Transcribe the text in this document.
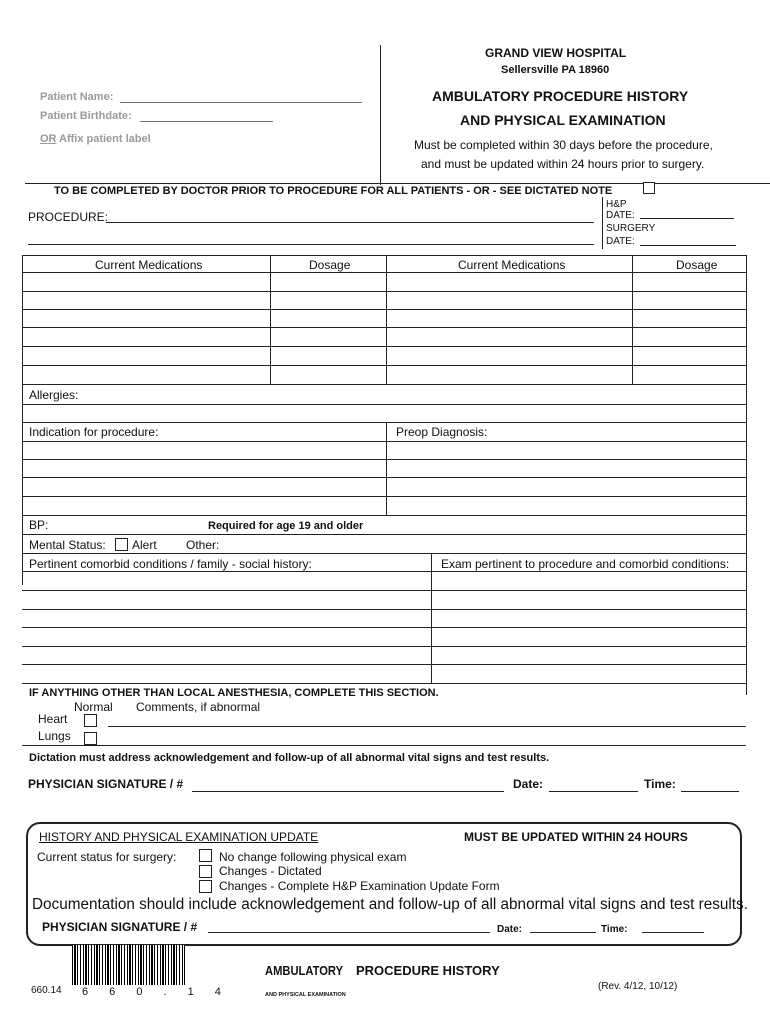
GRAND VIEW HOSPITAL
Sellersville PA 18960
AMBULATORY PROCEDURE HISTORY
AND PHYSICAL EXAMINATION
Must be completed within 30 days before the procedure,
and must be updated within 24 hours prior to surgery.
Patient Name:
Patient Birthdate:
OR Affix patient label
TO BE COMPLETED BY DOCTOR PRIOR TO PROCEDURE FOR ALL PATIENTS - OR - SEE DICTATED NOTE
PROCEDURE:
H&P
DATE:
SURGERY
DATE:
Current Medications	Dosage	Current Medications	Dosage
Allergies:
Indication for procedure:	Preop Diagnosis:
BP:	Required for age 19 and older
Mental Status: Alert Other:
Pertinent comorbid conditions / family - social history:	Exam pertinent to procedure and comorbid conditions:
IF ANYTHING OTHER THAN LOCAL ANESTHESIA, COMPLETE THIS SECTION.
Normal Comments, if abnormal
Heart
Lungs
Dictation must address acknowledgement and follow-up of all abnormal vital signs and test results.
PHYSICIAN SIGNATURE / #	Date:	Time:
HISTORY AND PHYSICAL EXAMINATION UPDATE	MUST BE UPDATED WITHIN 24 HOURS
Current status for surgery:	No change following physical exam
Changes - Dictated
Changes - Complete H&P Examination Update Form
Documentation should include acknowledgement and follow-up of all abnormal vital signs and test results.
PHYSICIAN SIGNATURE / #	Date:	Time:
660.14 6 6 0 . 1 4
AMBULATORY PROCEDURE HISTORY
AND PHYSICAL EXAMINATION
(Rev. 4/12, 10/12)
